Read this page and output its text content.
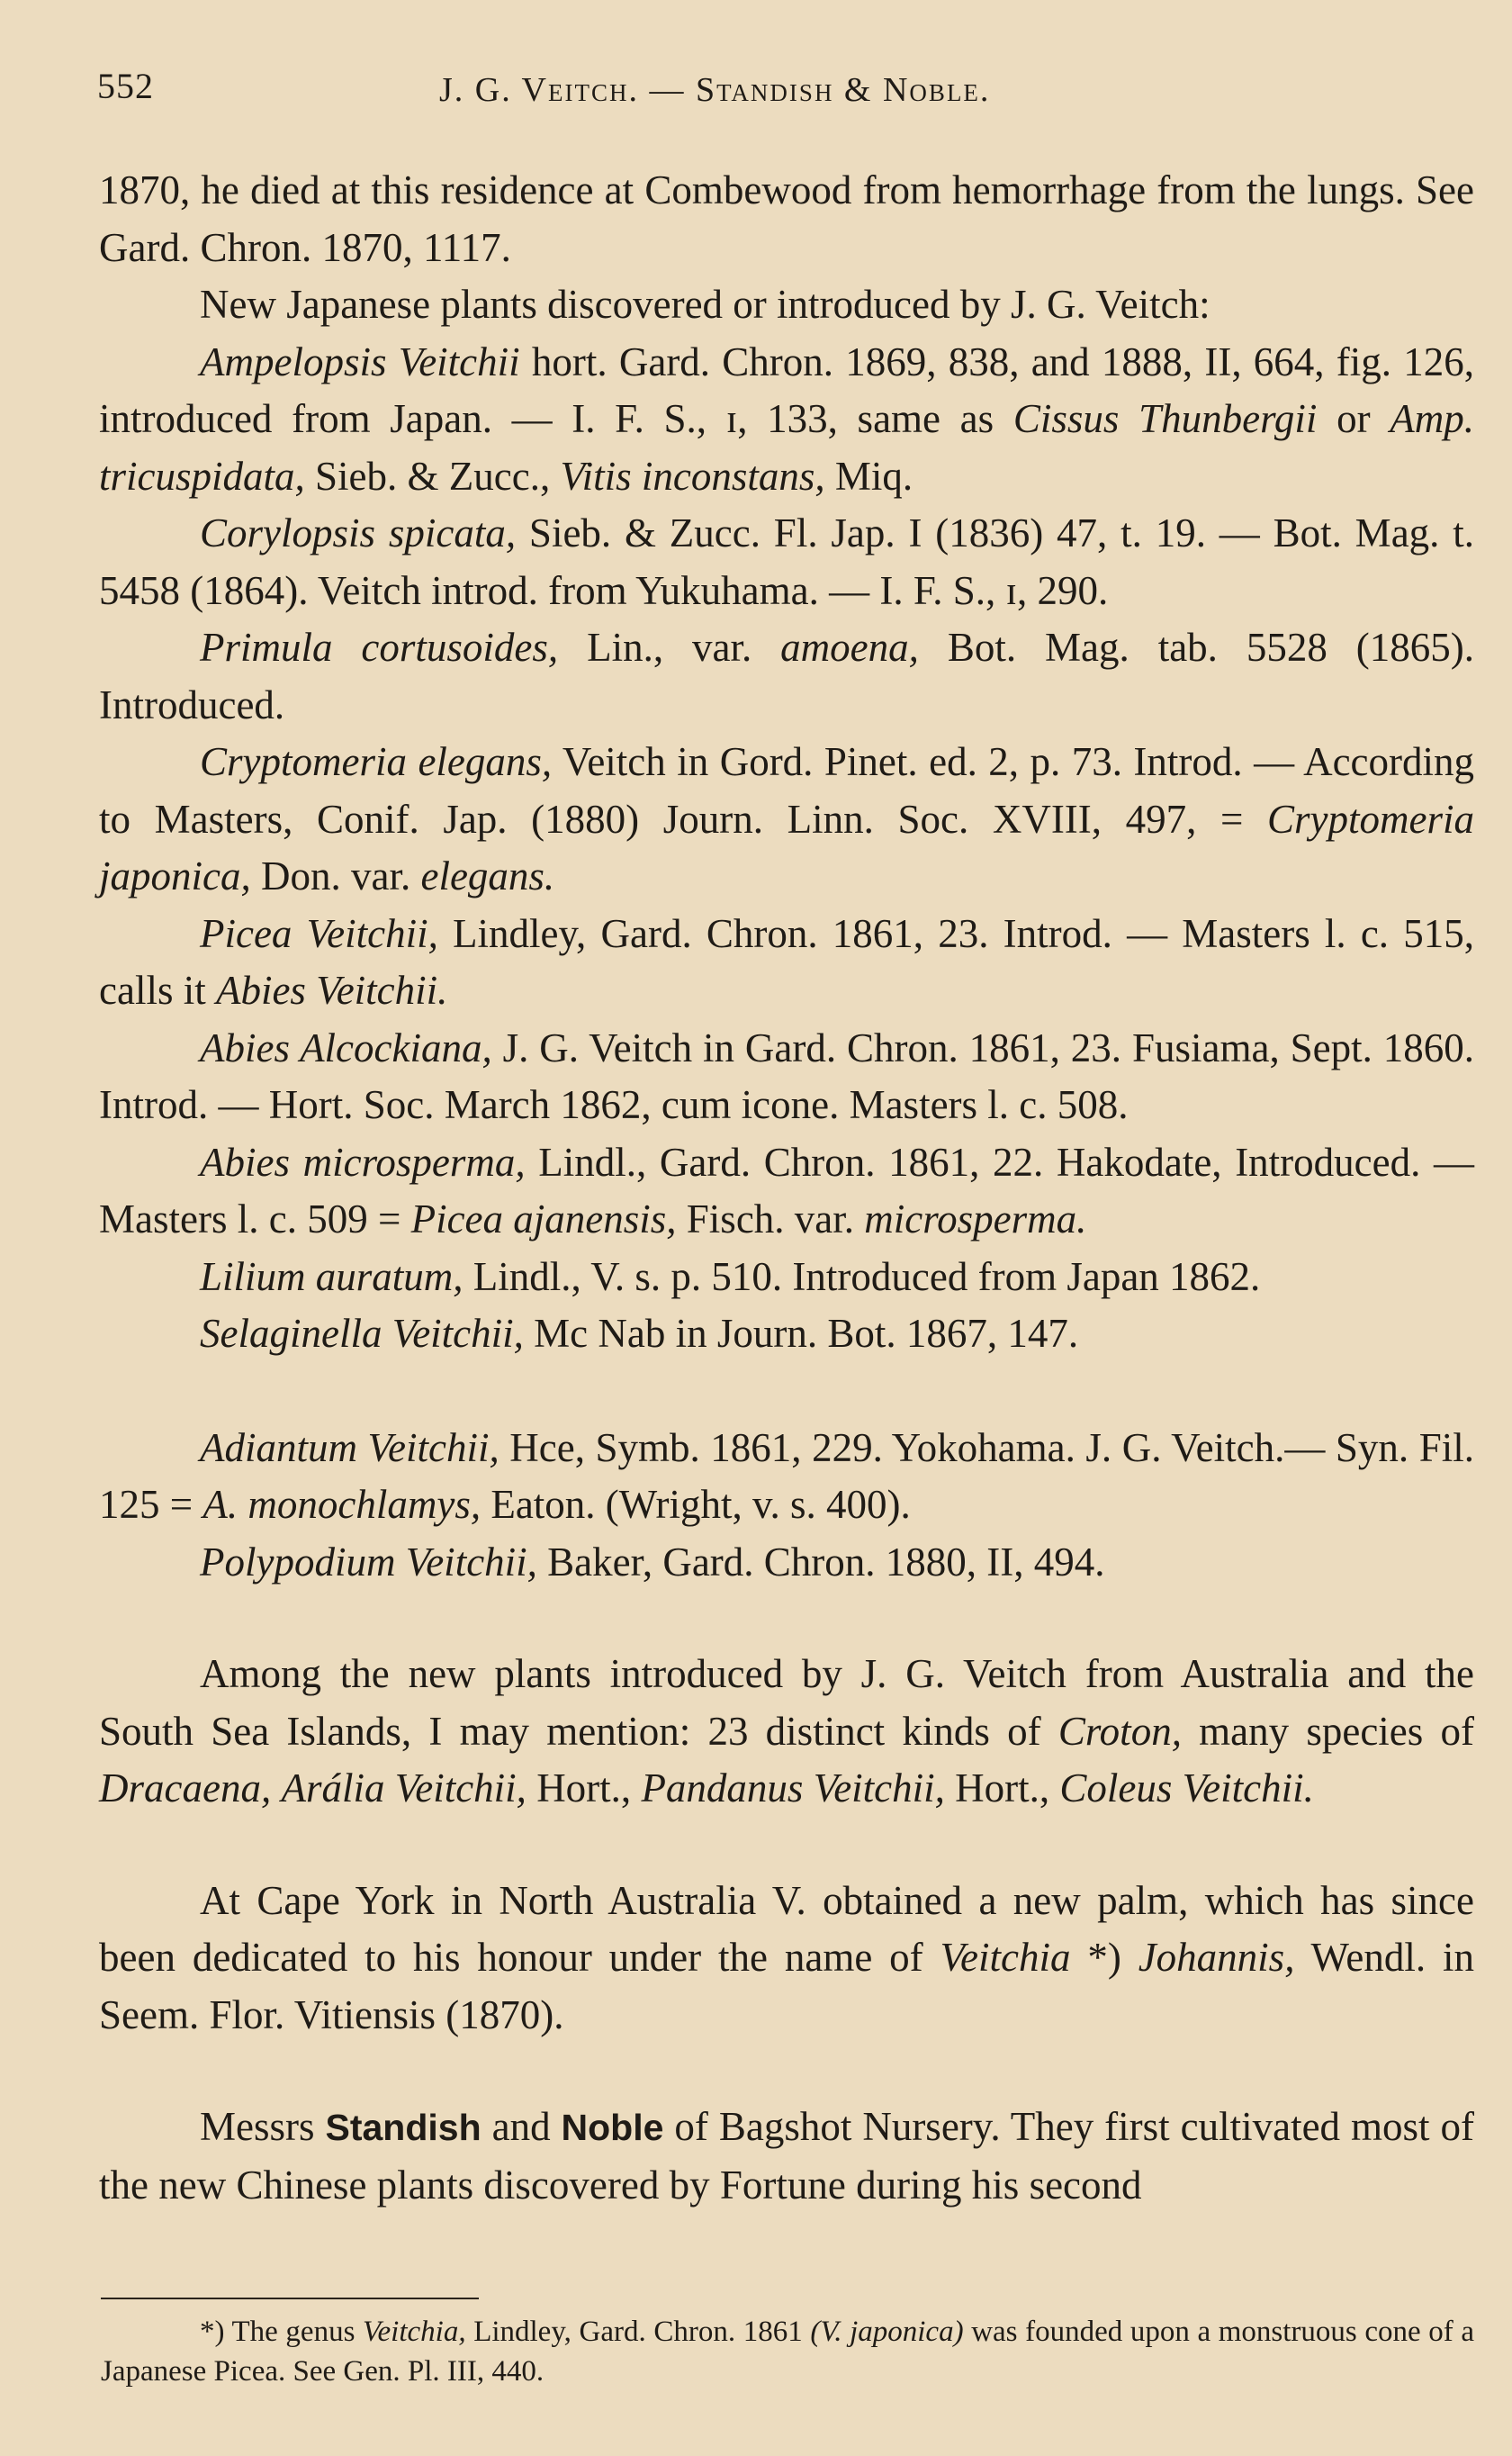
552	J. G. Veitch. — Standish & Noble.

1870, he died at this residence at Combewood from hemorrhage from the lungs. See Gard. Chron. 1870, 1117.

New Japanese plants discovered or introduced by J. G. Veitch:

Ampelopsis Veitchii hort. Gard. Chron. 1869, 838, and 1888, II, 664, fig. 126, introduced from Japan. — I. F. S., ɪ, 133, same as Cissus Thunbergii or Amp. tricuspidata, Sieb. & Zucc., Vitis inconstans, Miq.

Corylopsis spicata, Sieb. & Zucc. Fl. Jap. I (1836) 47, t. 19. — Bot. Mag. t. 5458 (1864). Veitch introd. from Yukuhama. — I. F. S., ɪ, 290.

Primula cortusoides, Lin., var. amoena, Bot. Mag. tab. 5528 (1865). Introduced.

Cryptomeria elegans, Veitch in Gord. Pinet. ed. 2, p. 73. Introd. — According to Masters, Conif. Jap. (1880) Journ. Linn. Soc. XVIII, 497, = Cryptomeria japonica, Don. var. elegans.

Picea Veitchii, Lindley, Gard. Chron. 1861, 23. Introd. — Masters l. c. 515, calls it Abies Veitchii.

Abies Alcockiana, J. G. Veitch in Gard. Chron. 1861, 23. Fusiama, Sept. 1860. Introd. — Hort. Soc. March 1862, cum icone. Masters l. c. 508.

Abies microsperma, Lindl., Gard. Chron. 1861, 22. Hakodate, Introduced. — Masters l. c. 509 = Picea ajanensis, Fisch. var. microsperma.

Lilium auratum, Lindl., V. s. p. 510. Introduced from Japan 1862.

Selaginella Veitchii, Mc Nab in Journ. Bot. 1867, 147.

Adiantum Veitchii, Hce, Symb. 1861, 229. Yokohama. J. G. Veitch.— Syn. Fil. 125 = A. monochlamys, Eaton. (Wright, v. s. 400).

Polypodium Veitchii, Baker, Gard. Chron. 1880, II, 494.

Among the new plants introduced by J. G. Veitch from Australia and the South Sea Islands, I may mention: 23 distinct kinds of Croton, many species of Dracaena, Arália Veitchii, Hort., Pandanus Veitchii, Hort., Coleus Veitchii.

At Cape York in North Australia V. obtained a new palm, which has since been dedicated to his honour under the name of Veitchia *) Johannis, Wendl. in Seem. Flor. Vitiensis (1870).

Messrs Standish and Noble of Bagshot Nursery. They first cultivated most of the new Chinese plants discovered by Fortune during his second

*) The genus Veitchia, Lindley, Gard. Chron. 1861 (V. japonica) was founded upon a monstruous cone of a Japanese Picea. See Gen. Pl. III, 440.
